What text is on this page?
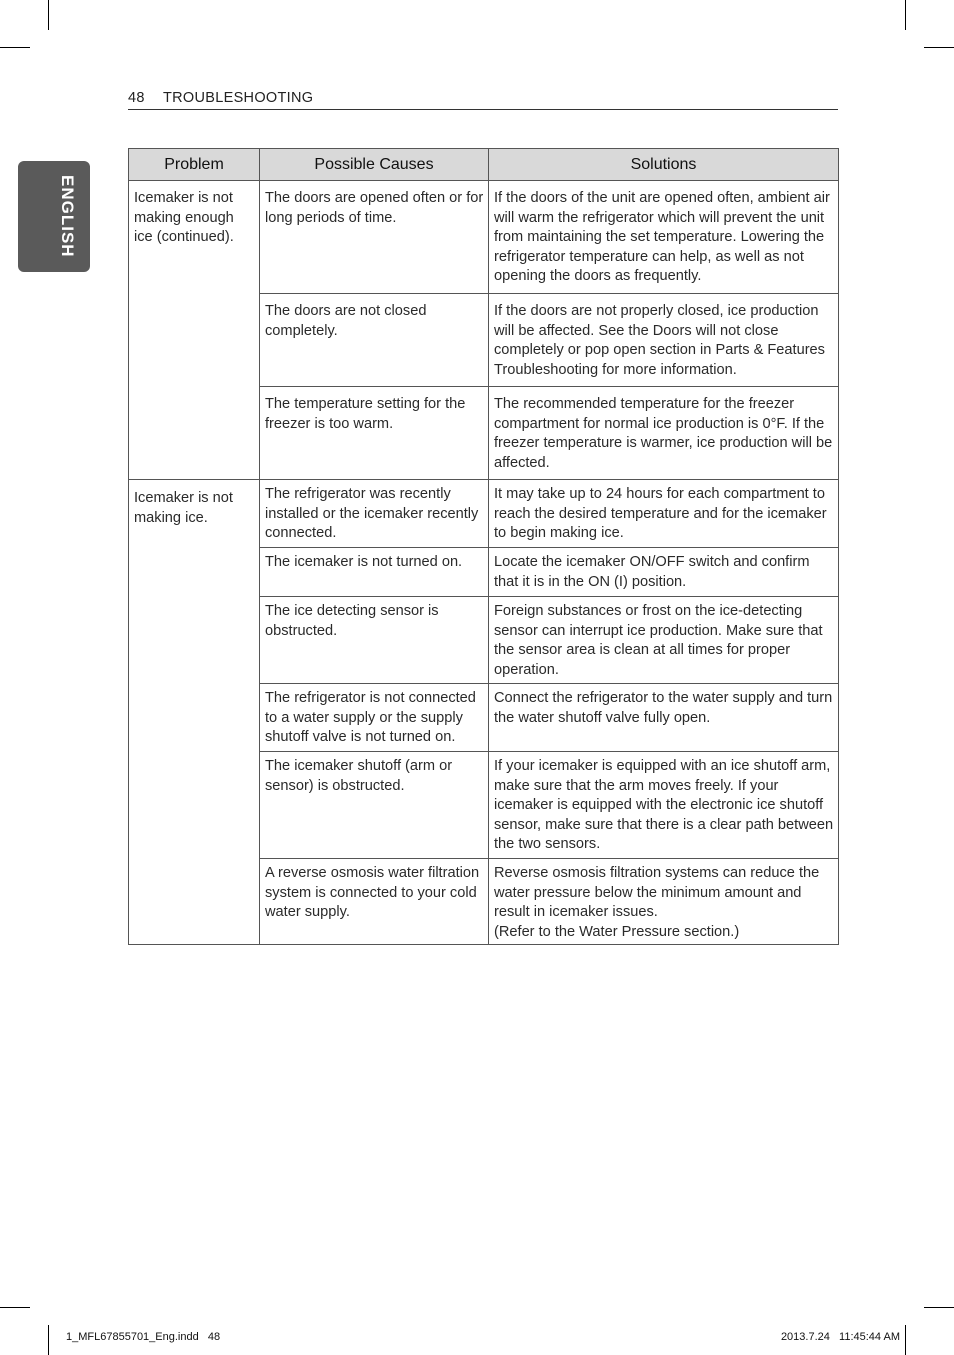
48 TROUBLESHOOTING
ENGLISH
Problem	Possible Causes	Solutions
Icemaker is not making enough ice (continued).	The doors are opened often or for long periods of time.	If the doors of the unit are opened often, ambient air will warm the refrigerator which will prevent the unit from maintaining the set temperature. Lowering the refrigerator temperature can help, as well as not opening the doors as frequently.
	The doors are not closed completely.	If the doors are not properly closed, ice production will be affected. See the Doors will not close completely or pop open section in Parts & Features Troubleshooting for more information.
	The temperature setting for the freezer is too warm.	The recommended temperature for the freezer compartment for normal ice production is 0°F. If the freezer temperature is warmer, ice production will be affected.
Icemaker is not making ice.	The refrigerator was recently installed or the icemaker recently connected.	It may take up to 24 hours for each compartment to reach the desired temperature and for the icemaker to begin making ice.
	The icemaker is not turned on.	Locate the icemaker ON/OFF switch and confirm that it is in the ON (I) position.
	The ice detecting sensor is obstructed.	Foreign substances or frost on the ice-detecting sensor can interrupt ice production. Make sure that the sensor area is clean at all times for proper operation.
	The refrigerator is not connected to a water supply or the supply shutoff valve is not turned on.	Connect the refrigerator to the water supply and turn the water shutoff valve fully open.
	The icemaker shutoff (arm or sensor) is obstructed.	If your icemaker is equipped with an ice shutoff arm, make sure that the arm moves freely. If your icemaker is equipped with the electronic ice shutoff sensor, make sure that there is a clear path between the two sensors.
	A reverse osmosis water filtration system is connected to your cold water supply.	Reverse osmosis filtration systems can reduce the water pressure below the minimum amount and result in icemaker issues.
(Refer to the Water Pressure section.)
1_MFL67855701_Eng.indd   48	2013.7.24   11:45:44 AM
